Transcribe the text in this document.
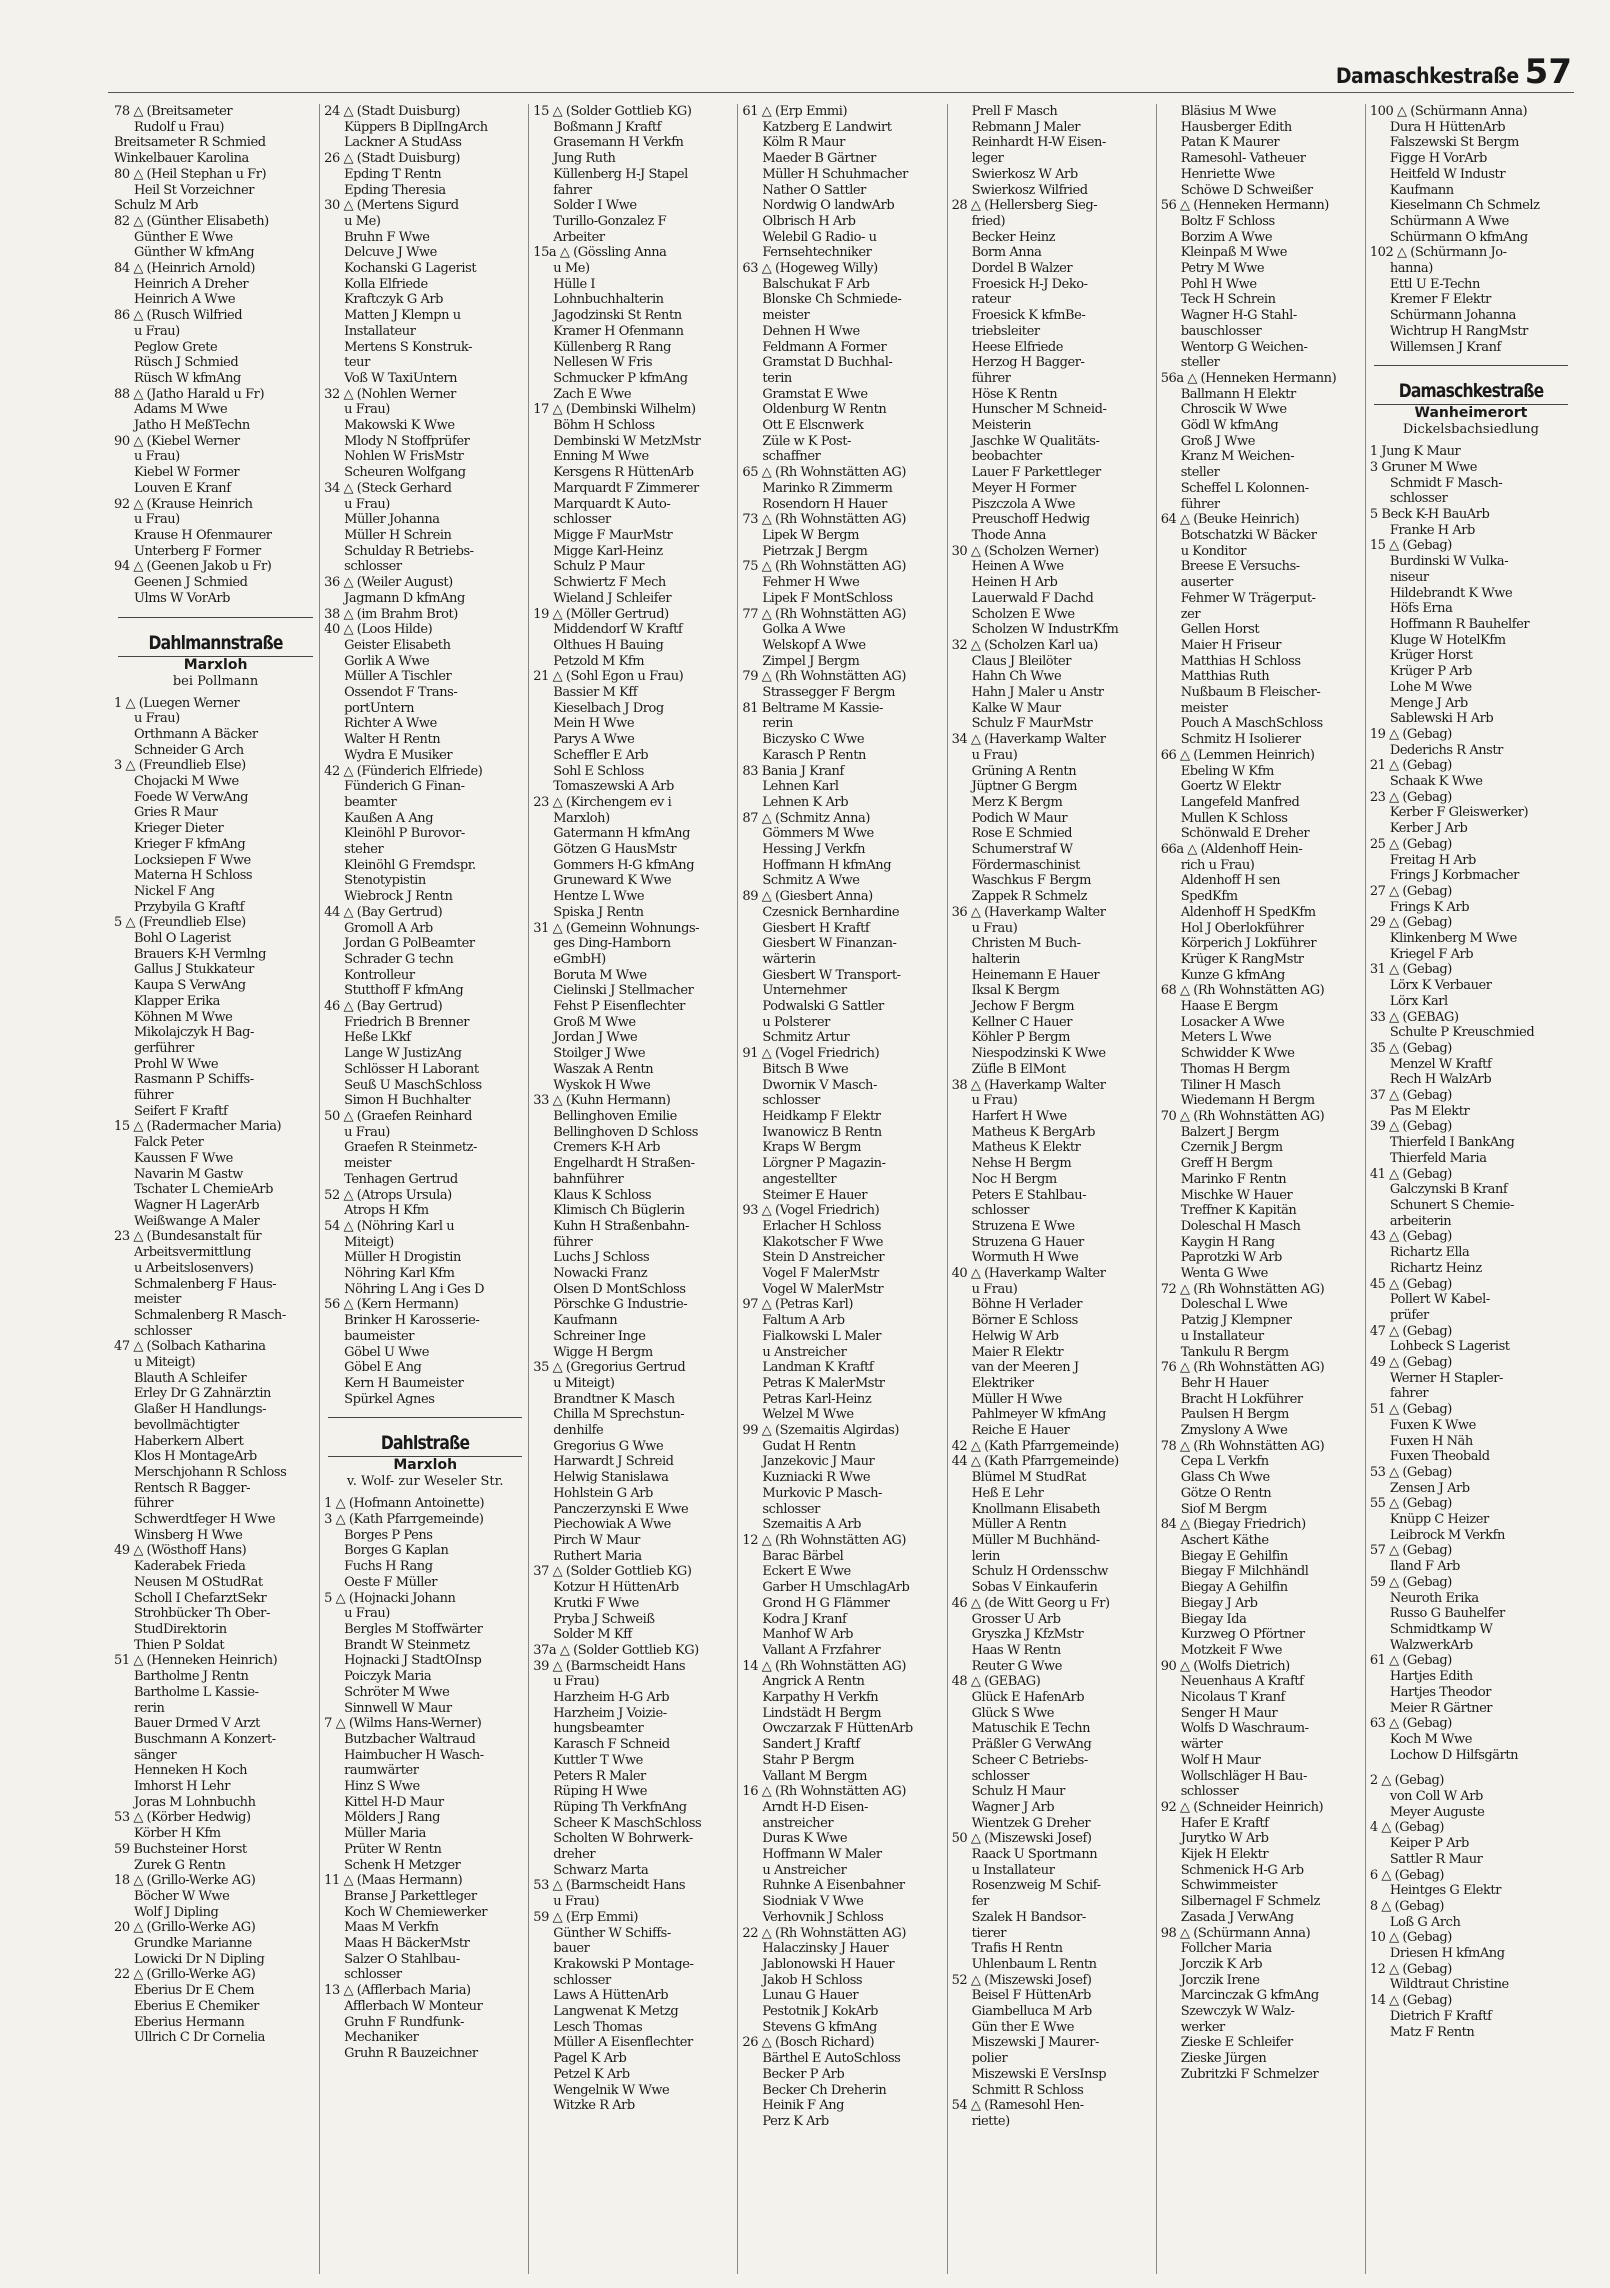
Damaschkestraße 57
78 △ (Breitsameter
Rudolf u Frau)
Breitsameter R Schmied
Winkelbauer Karolina
80 △ (Heil Stephan u Fr)
Heil St Vorzeichner
Schulz M Arb
82 △ (Günther Elisabeth)
Günther E Wwe
Günther W kfmAng
84 △ (Heinrich Arnold)
Heinrich A Dreher
Heinrich A Wwe
86 △ (Rusch Wilfried
u Frau)
Peglow Grete
Rüsch J Schmied
Rüsch W kfmAng
88 △ (Jatho Harald u Fr)
Adams M Wwe
Jatho H MeßTechn
90 △ (Kiebel Werner
u Frau)
Kiebel W Former
Louven E Kranf
92 △ (Krause Heinrich
u Frau)
Krause H Ofenmaurer
Unterberg F Former
94 △ (Geenen Jakob u Fr)
Geenen J Schmied
Ulms W VorArb
Dahlmannstraße
Marxloh
bei Pollmann
1 △ (Luegen Werner
u Frau)
Orthmann A Bäcker
Schneider G Arch
3 △ (Freundlieb Else)
Chojacki M Wwe
Foede W VerwAng
Gries R Maur
Krieger Dieter
Krieger F kfmAng
Locksiepen F Wwe
Materna H Schloss
Nickel F Ang
Przybyila G Kraftf
5 △ (Freundlieb Else)
Bohl O Lagerist
Brauers K-H Vermlng
Gallus J Stukkateur
Kaupa S VerwAng
Klapper Erika
Köhnen M Wwe
Mikolajczyk H Bag-
gerführer
Prohl W Wwe
Rasmann P Schiffs-
führer
Seifert F Kraftf
15 △ (Radermacher Maria)
Falck Peter
Kaussen F Wwe
Navarin M Gastw
Tschater L ChemieArb
Wagner H LagerArb
Weißwange A Maler
23 △ (Bundesanstalt für
Arbeitsvermittlung
u Arbeitslosenvers)
Schmalenberg F Haus-
meister
Schmalenberg R Masch-
schlosser
47 △ (Solbach Katharina
u Miteigt)
Blauth A Schleifer
Erley Dr G Zahnärztin
Glaßer H Handlungs-
bevollmächtigter
Haberkern Albert
Klos H MontageArb
Merschjohann R Schloss
Rentsch R Bagger-
führer
Schwerdtfeger H Wwe
Winsberg H Wwe
49 △ (Wösthoff Hans)
Kaderabek Frieda
Neusen M OStudRat
Scholl I ChefarztSekr
Strohbücker Th Ober-
StudDirektorin
Thien P Soldat
51 △ (Henneken Heinrich)
Bartholme J Rentn
Bartholme L Kassie-
rerin
Bauer Drmed V Arzt
Buschmann A Konzert-
sänger
Henneken H Koch
Imhorst H Lehr
Joras M Lohnbuchh
53 △ (Körber Hedwig)
Körber H Kfm
59 Buchsteiner Horst
Zurek G Rentn
18 △ (Grillo-Werke AG)
Böcher W Wwe
Wolf J Dipling
20 △ (Grillo-Werke AG)
Grundke Marianne
Lowicki Dr N Dipling
22 △ (Grillo-Werke AG)
Eberius Dr E Chem
Eberius E Chemiker
Eberius Hermann
Ullrich C Dr Cornelia
24 △ (Stadt Duisburg)
Küppers B DiplIngArch
Lackner A StudAss
26 △ (Stadt Duisburg)
Epding T Rentn
Epding Theresia
30 △ (Mertens Sigurd
u Me)
Bruhn F Wwe
Delcuve J Wwe
Kochanski G Lagerist
Kolla Elfriede
Kraftczyk G Arb
Matten J Klempn u
Installateur
Mertens S Konstruk-
teur
Voß W TaxiUntern
32 △ (Nohlen Werner
u Frau)
Makowski K Wwe
Mlody N Stoffprüfer
Nohlen W FrisMstr
Scheuren Wolfgang
34 △ (Steck Gerhard
u Frau)
Müller Johanna
Müller H Schrein
Schulday R Betriebs-
schlosser
36 △ (Weiler August)
Jagmann D kfmAng
38 △ (im Brahm Brot)
40 △ (Loos Hilde)
Geister Elisabeth
Gorlik A Wwe
Müller A Tischler
Ossendot F Trans-
portUntern
Richter A Wwe
Walter H Rentn
Wydra E Musiker
42 △ (Fünderich Elfriede)
Fünderich G Finan-
beamter
Kaußen A Ang
Kleinöhl P Burovor-
steher
Kleinöhl G Fremdspr.
Stenotypistin
Wiebrock J Rentn
44 △ (Bay Gertrud)
Gromoll A Arb
Jordan G PolBeamter
Schrader G techn
Kontrolleur
Stutthoff F kfmAng
46 △ (Bay Gertrud)
Friedrich B Brenner
Heße LKkf
Lange W JustizAng
Schlösser H Laborant
Seuß U MaschSchloss
Simon H Buchhalter
50 △ (Graefen Reinhard
u Frau)
Graefen R Steinmetz-
meister
Tenhagen Gertrud
52 △ (Atrops Ursula)
Atrops H Kfm
54 △ (Nöhring Karl u
Miteigt)
Müller H Drogistin
Nöhring Karl Kfm
Nöhring L Ang i Ges D
56 △ (Kern Hermann)
Brinker H Karosserie-
baumeister
Göbel U Wwe
Göbel E Ang
Kern H Baumeister
Spürkel Agnes
Dahlstraße
Marxloh
v. Wolf- zur Weseler Str.
1 △ (Hofmann Antoinette)
3 △ (Kath Pfarrgemeinde)
Borges P Pens
Borges G Kaplan
Fuchs H Rang
Oeste F Müller
5 △ (Hojnacki Johann
u Frau)
Bergles M Stoffwärter
Brandt W Steinmetz
Hojnacki J StadtOInsp
Poiczyk Maria
Schröter M Wwe
Sinnwell W Maur
7 △ (Wilms Hans-Werner)
Butzbacher Waltraud
Haimbucher H Wasch-
raumwärter
Hinz S Wwe
Kittel H-D Maur
Mölders J Rang
Müller Maria
Prüter W Rentn
Schenk H Metzger
11 △ (Maas Hermann)
Branse J Parkettleger
Koch W Chemiewerker
Maas M Verkfn
Maas H BäckerMstr
Salzer O Stahlbau-
schlosser
13 △ (Afflerbach Maria)
Afflerbach W Monteur
Gruhn F Rundfunk-
Mechaniker
Gruhn R Bauzeichner
15 △ (Solder Gottlieb KG)
Boßmann J Kraftf
Grasemann H Verkfn
Jung Ruth
Küllenberg H-J Stapel
fahrer
Solder I Wwe
Turillo-Gonzalez F
Arbeiter
15a △ (Gössling Anna
u Me)
Hülle I
Lohnbuchhalterin
Jagodzinski St Rentn
Kramer H Ofenmann
Küllenberg R Rang
Nellesen W Fris
Schmucker P kfmAng
Zach E Wwe
17 △ (Dembinski Wilhelm)
Böhm H Schloss
Dembinski W MetzMstr
Enning M Wwe
Kersgens R HüttenArb
Marquardt F Zimmerer
Marquardt K Auto-
schlosser
Migge F MaurMstr
Migge Karl-Heinz
Schulz P Maur
Schwiertz F Mech
Wieland J Schleifer
19 △ (Möller Gertrud)
Middendorf W Kraftf
Olthues H Bauing
Petzold M Kfm
21 △ (Sohl Egon u Frau)
Bassier M Kff
Kieselbach J Drog
Mein H Wwe
Parys A Wwe
Scheffler E Arb
Sohl E Schloss
Tomaszewski A Arb
23 △ (Kirchengem ev i
Marxloh)
Gatermann H kfmAng
Götzen G HausMstr
Gommers H-G kfmAng
Gruneward K Wwe
Hentze L Wwe
Spiska J Rentn
31 △ (Gemeinn Wohnungs-
ges Ding-Hamborn
eGmbH)
Boruta M Wwe
Cielinski J Stellmacher
Fehst P Eisenflechter
Groß M Wwe
Jordan J Wwe
Stoilger J Wwe
Waszak A Rentn
Wyskok H Wwe
33 △ (Kuhn Hermann)
Bellinghoven Emilie
Bellinghoven D Schloss
Cremers K-H Arb
Engelhardt H Straßen-
bahnführer
Klaus K Schloss
Klimisch Ch Büglerin
Kuhn H Straßenbahn-
führer
Luchs J Schloss
Nowacki Franz
Olsen D MontSchloss
Pörschke G Industrie-
Kaufmann
Schreiner Inge
Wigge H Bergm
35 △ (Gregorius Gertrud
u Miteigt)
Brandtner K Masch
Chilla M Sprechstun-
denhilfe
Gregorius G Wwe
Harwardt J Schreid
Helwig Stanislawa
Hohlstein G Arb
Panczerzynski E Wwe
Piechowiak A Wwe
Pirch W Maur
Ruthert Maria
37 △ (Solder Gottlieb KG)
Kotzur H HüttenArb
Krutki F Wwe
Pryba J Schweiß
Solder M Kff
37a △ (Solder Gottlieb KG)
39 △ (Barmscheidt Hans
u Frau)
Harzheim H-G Arb
Harzheim J Voizie-
hungsbeamter
Karasch F Schneid
Kuttler T Wwe
Peters R Maler
Rüping H Wwe
Rüping Th VerkfnAng
Scheer K MaschSchloss
Scholten W Bohrwerk-
dreher
Schwarz Marta
53 △ (Barmscheidt Hans
u Frau)
59 △ (Erp Emmi)
Günther W Schiffs-
bauer
Krakowski P Montage-
schlosser
Laws A HüttenArb
Langwenat K Metzg
Lesch Thomas
Müller A Eisenflechter
Pagel K Arb
Petzel K Arb
Wengelnik W Wwe
Witzke R Arb
61 △ (Erp Emmi)
Katzberg E Landwirt
Kölm R Maur
Maeder B Gärtner
Müller H Schuhmacher
Nather O Sattler
Nordwig O landwArb
Olbrisch H Arb
Welebil G Radio- u
Fernsehtechniker
63 △ (Hogeweg Willy)
Balschukat F Arb
Blonske Ch Schmiede-
meister
Dehnen H Wwe
Feldmann A Former
Gramstat D Buchhal-
terin
Gramstat E Wwe
Oldenburg W Rentn
Ott E Elscnwerk
Züle w K Post-
schaffner
65 △ (Rh Wohnstätten AG)
Marinko R Zimmerm
Rosendorn H Hauer
73 △ (Rh Wohnstätten AG)
Lipek W Bergm
Pietrzak J Bergm
75 △ (Rh Wohnstätten AG)
Fehmer H Wwe
Lipek F MontSchloss
77 △ (Rh Wohnstätten AG)
Golka A Wwe
Welskopf A Wwe
Zimpel J Bergm
79 △ (Rh Wohnstätten AG)
Strassegger F Bergm
81 Beltrame M Kassie-
rerin
Biczysko C Wwe
Karasch P Rentn
83 Bania J Kranf
Lehnen Karl
Lehnen K Arb
87 △ (Schmitz Anna)
Gömmers M Wwe
Hessing J Verkfn
Hoffmann H kfmAng
Schmitz A Wwe
89 △ (Giesbert Anna)
Czesnick Bernhardine
Giesbert H Kraftf
Giesbert W Finanzan-
wärterin
Giesbert W Transport-
Unternehmer
Podwalski G Sattler
u Polsterer
Schmitz Artur
91 △ (Vogel Friedrich)
Bitsch B Wwe
Dworniк V Masch-
schlosser
Heidkamp F Elektr
Iwanowicz B Rentn
Kraps W Bergm
Lörgner P Magazin-
angestellter
Steimer E Hauer
93 △ (Vogel Friedrich)
Erlacher H Schloss
Klakotscher F Wwe
Stein D Anstreicher
Vogel F MalerMstr
Vogel W MalerMstr
97 △ (Petras Karl)
Faltum A Arb
Fialkowski L Maler
u Anstreicher
Landman K Kraftf
Petras K MalerMstr
Petras Karl-Heinz
Welzel M Wwe
99 △ (Szemaitis Algirdas)
Gudat H Rentn
Janzekovic J Maur
Kuzniacki R Wwe
Murkovic P Masch-
schlosser
Szemaitis A Arb
12 △ (Rh Wohnstätten AG)
Barac Bärbel
Eckert E Wwe
Garber H UmschlagArb
Grond H G Flämmer
Kodra J Kranf
Manhof W Arb
Vallant A Frzfahrer
14 △ (Rh Wohnstätten AG)
Angrick A Rentn
Karpathy H Verkfn
Lindstädt H Bergm
Owczarzak F HüttenArb
Sandert J Kraftf
Stahr P Bergm
Vallant M Bergm
16 △ (Rh Wohnstätten AG)
Arndt H-D Eisen-
anstreicher
Duras K Wwe
Hoffmann W Maler
u Anstreicher
Ruhnke A Eisenbahner
Siodniak V Wwe
Verhovnik J Schloss
22 △ (Rh Wohnstätten AG)
Halaczinsky J Hauer
Jablonowski H Hauer
Jakob H Schloss
Lunau G Hauer
Pestotnik J KokArb
Stevens G kfmAng
26 △ (Bosch Richard)
Bärthel E AutoSchloss
Becker P Arb
Becker Ch Dreherin
Heinik F Ang
Perz K Arb
Prell F Masch
Rebmann J Maler
Reinhardt H-W Eisen-
leger
Swierkosz W Arb
Swierkosz Wilfried
28 △ (Hellersberg Sieg-
fried)
Becker Heinz
Borm Anna
Dordel B Walzer
Froesick H-J Deko-
rateur
Froesick K kfmBe-
triebsleiter
Heese Elfriede
Herzog H Bagger-
führer
Höse K Rentn
Hunscher M Schneid-
Meisterin
Jaschke W Qualitäts-
beobachter
Lauer F Parkettleger
Meyer H Former
Piszczola A Wwe
Preuschoff Hedwig
Thode Anna
30 △ (Scholzen Werner)
Heinen A Wwe
Heinen H Arb
Lauerwald F Dachd
Scholzen E Wwe
Scholzen W IndustrKfm
32 △ (Scholzen Karl ua)
Claus J Bleilöter
Hahn Ch Wwe
Hahn J Maler u Anstr
Kalke W Maur
Schulz F MaurMstr
34 △ (Haverkamp Walter
u Frau)
Grüning A Rentn
Jüptner G Bergm
Merz K Bergm
Podich W Maur
Rose E Schmied
Schumerstraf W
Fördermaschinist
Waschkus F Bergm
Zappek R Schmelz
36 △ (Haverkamp Walter
u Frau)
Christen M Buch-
halterin
Heinemann E Hauer
Iksal K Bergm
Jechow F Bergm
Kellner C Hauer
Köhler P Bergm
Niespodzinski K Wwe
Züfle B ElMont
38 △ (Haverkamp Walter
u Frau)
Harfert H Wwe
Matheus K BergArb
Matheus K Elektr
Nehse H Bergm
Noc H Bergm
Peters E Stahlbau-
schlosser
Struzena E Wwe
Struzena G Hauer
Wormuth H Wwe
40 △ (Haverkamp Walter
u Frau)
Böhne H Verlader
Börner E Schloss
Helwig W Arb
Maier R Elektr
van der Meeren J
Elektriker
Müller H Wwe
Pahlmeyer W kfmAng
Reiche E Hauer
42 △ (Kath Pfarrgemeinde)
44 △ (Kath Pfarrgemeinde)
Blümel M StudRat
Heß E Lehr
Knollmann Elisabeth
Müller A Rentn
Müller M Buchhänd-
lerin
Schulz H Ordensschw
Sobas V Einkauferin
46 △ (de Witt Georg u Fr)
Grosser U Arb
Gryszka J KfzMstr
Haas W Rentn
Reuter G Wwe
48 △ (GEBAG)
Glück E HafenArb
Glück S Wwe
Matuschik E Techn
Präßler G VerwAng
Scheer C Betriebs-
schlosser
Schulz H Maur
Wagner J Arb
Wientzek G Dreher
50 △ (Miszewski Josef)
Raack U Sportmann
u Installateur
Rosenzweig M Schif-
fer
Szalek H Bandsor-
tierer
Trafis H Rentn
Uhlenbaum L Rentn
52 △ (Miszewski Josef)
Beisel F HüttenArb
Giambelluca M Arb
Gün ther E Wwe
Miszewski J Maurer-
polier
Miszewski E VersInsp
Schmitt R Schloss
54 △ (Ramesohl Hen-
riette)
Bläsius M Wwe
Hausberger Edith
Patan K Maurer
Ramesohl- Vatheuer
Henriette Wwe
Schöwe D Schweißer
56 △ (Henneken Hermann)
Boltz F Schloss
Borzim A Wwe
Kleinpaß M Wwe
Petry M Wwe
Pohl H Wwe
Teck H Schrein
Wagner H-G Stahl-
bauschlosser
Wentorp G Weichen-
steller
56a △ (Henneken Hermann)
Ballmann H Elektr
Chroscik W Wwe
Gödl W kfmAng
Groß J Wwe
Kranz M Weichen-
steller
Scheffel L Kolonnen-
führer
64 △ (Beuke Heinrich)
Botschatzki W Bäcker
u Konditor
Breese E Versuchs-
auserter
Fehmer W Trägerput-
zer
Gellen Horst
Maier H Friseur
Matthias H Schloss
Matthias Ruth
Nußbaum B Fleischer-
meister
Pouch A MaschSchloss
Schmitz H Isolierer
66 △ (Lemmen Heinrich)
Ebeling W Kfm
Goertz W Elektr
Langefeld Manfred
Mullen K Schloss
Schönwald E Dreher
66a △ (Aldenhoff Hein-
rich u Frau)
Aldenhoff H sen
SpedKfm
Aldenhoff H SpedKfm
Hol J Oberlokführer
Körperich J Lokführer
Krüger K RangMstr
Kunze G kfmAng
68 △ (Rh Wohnstätten AG)
Haase E Bergm
Losacker A Wwe
Meters L Wwe
Schwidder K Wwe
Thomas H Bergm
Tiliner H Masch
Wiedemann H Bergm
70 △ (Rh Wohnstätten AG)
Balzert J Bergm
Czernik J Bergm
Greff H Bergm
Marinko F Rentn
Mischke W Hauer
Treffner K Kapitän
Doleschal H Masch
Kaygin H Rang
Paprotzki W Arb
Wenta G Wwe
72 △ (Rh Wohnstätten AG)
Doleschal L Wwe
Patzig J Klempner
u Installateur
Tankulu R Bergm
76 △ (Rh Wohnstätten AG)
Behr H Hauer
Bracht H Lokführer
Paulsen H Bergm
Zmyslony A Wwe
78 △ (Rh Wohnstätten AG)
Cepa L Verkfn
Glass Ch Wwe
Götze O Rentn
Siof M Bergm
84 △ (Biegay Friedrich)
Aschert Käthe
Biegay E Gehilfin
Biegay F Milchhändl
Biegay A Gehilfin
Biegay J Arb
Biegay Ida
Kurzweg O Pförtner
Motzkeit F Wwe
90 △ (Wolfs Dietrich)
Neuenhaus A Kraftf
Nicolaus T Kranf
Senger H Maur
Wolfs D Waschraum-
wärter
Wolf H Maur
Wollschläger H Bau-
schlosser
92 △ (Schneider Heinrich)
Hafer E Kraftf
Jurytko W Arb
Kijek H Elektr
Schmenick H-G Arb
Schwimmeister
Silbernagel F Schmelz
Zasada J VerwAng
98 △ (Schürmann Anna)
Follcher Maria
Jorczik K Arb
Jorczik Irene
Marcinczak G kfmAng
Szewczyk W Walz-
werker
Zieske E Schleifer
Zieske Jürgen
Zubritzki F Schmelzer
100 △ (Schürmann Anna)
Dura H HüttenArb
Falszewski St Bergm
Figge H VorArb
Heitfeld W Industr
Kaufmann
Kieselmann Ch Schmelz
Schürmann A Wwe
Schürmann O kfmAng
102 △ (Schürmann Jo-
hanna)
Ettl U E-Techn
Kremer F Elektr
Schürmann Johanna
Wichtrup H RangMstr
Willemsen J Kranf
Damaschkestraße
Wanheimerort
Dickelsbachsiedlung
1 Jung K Maur
3 Gruner M Wwe
Schmidt F Masch-
schlosser
5 Beck K-H BauArb
Franke H Arb
15 △ (Gebag)
Burdinski W Vulka-
niseur
Hildebrandt K Wwe
Höfs Erna
Hoffmann R Bauhelfer
Kluge W HotelKfm
Krüger Horst
Krüger P Arb
Lohe M Wwe
Menge J Arb
Sablewski H Arb
19 △ (Gebag)
Dederichs R Anstr
21 △ (Gebag)
Schaak K Wwe
23 △ (Gebag)
Kerber F Gleiswerker)
Kerber J Arb
25 △ (Gebag)
Freitag H Arb
Frings J Korbmacher
27 △ (Gebag)
Frings K Arb
29 △ (Gebag)
Klinkenberg M Wwe
Kriegel F Arb
31 △ (Gebag)
Lörx K Verbauer
Lörx Karl
33 △ (GEBAG)
Schulte P Kreuschmied
35 △ (Gebag)
Menzel W Kraftf
Rech H WalzArb
37 △ (Gebag)
Pas M Elektr
39 △ (Gebag)
Thierfeld I BankAng
Thierfeld Maria
41 △ (Gebag)
Galczynski B Kranf
Schunert S Chemie-
arbeiterin
43 △ (Gebag)
Richartz Ella
Richartz Heinz
45 △ (Gebag)
Pollert W Kabel-
prüfer
47 △ (Gebag)
Lohbeck S Lagerist
49 △ (Gebag)
Werner H Stapler-
fahrer
51 △ (Gebag)
Fuxen K Wwe
Fuxen H Näh
Fuxen Theobald
53 △ (Gebag)
Zensen J Arb
55 △ (Gebag)
Knüpp C Heizer
Leibrock M Verkfn
57 △ (Gebag)
Iland F Arb
59 △ (Gebag)
Neuroth Erika
Russo G Bauhelfer
Schmidtkamp W
WalzwerkArb
61 △ (Gebag)
Hartjes Edith
Hartjes Theodor
Meier R Gärtner
63 △ (Gebag)
Koch M Wwe
Lochow D Hilfsgärtn
2 △ (Gebag)
von Coll W Arb
Meyer Auguste
4 △ (Gebag)
Keiper P Arb
Sattler R Maur
6 △ (Gebag)
Heintges G Elektr
8 △ (Gebag)
Loß G Arch
10 △ (Gebag)
Driesen H kfmAng
12 △ (Gebag)
Wildtraut Christine
14 △ (Gebag)
Dietrich F Kraftf
Matz F Rentn
